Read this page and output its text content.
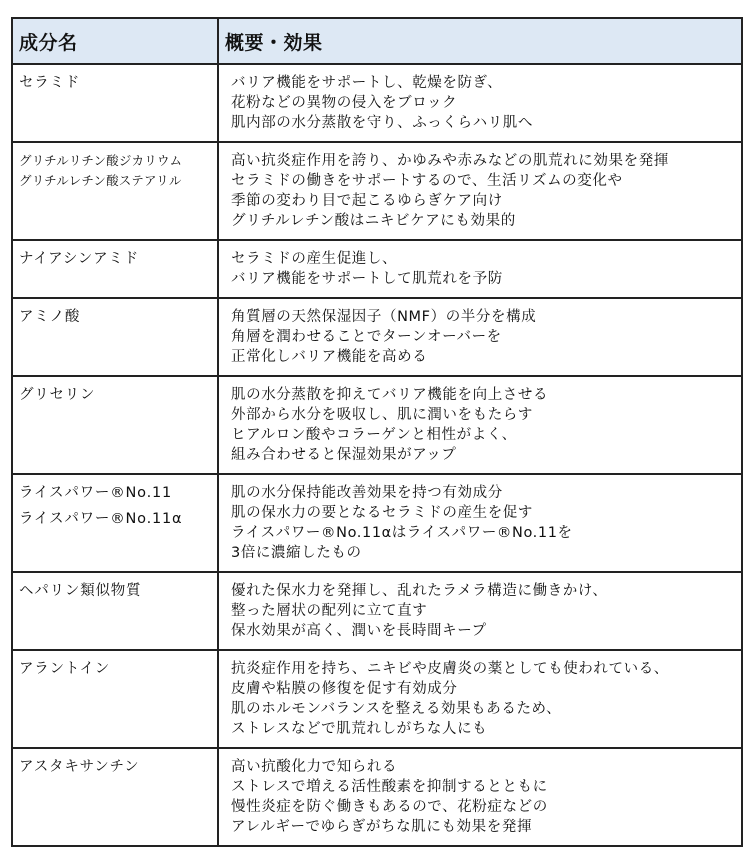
成分名	概要・効果

セラミド	バリア機能をサポートし、乾燥を防ぎ、
花粉などの異物の侵入をブロック
肌内部の水分蒸散を守り、ふっくらハリ肌へ

グリチルリチン酸ジカリウム
グリチルレチン酸ステアリル	高い抗炎症作用を誇り、かゆみや赤みなどの肌荒れに効果を発揮
セラミドの働きをサポートするので、生活リズムの変化や
季節の変わり目で起こるゆらぎケア向け
グリチルレチン酸はニキビケアにも効果的

ナイアシンアミド	セラミドの産生促進し、
バリア機能をサポートして肌荒れを予防

アミノ酸	角質層の天然保湿因子（NMF）の半分を構成
角層を潤わせることでターンオーバーを
正常化しバリア機能を高める

グリセリン	肌の水分蒸散を抑えてバリア機能を向上させる
外部から水分を吸収し、肌に潤いをもたらす
ヒアルロン酸やコラーゲンと相性がよく、
組み合わせると保湿効果がアップ

ライスパワー®No.11
ライスパワー®No.11α	肌の水分保持能改善効果を持つ有効成分
肌の保水力の要となるセラミドの産生を促す
ライスパワー®No.11αはライスパワー®No.11を
3倍に濃縮したもの

ヘパリン類似物質	優れた保水力を発揮し、乱れたラメラ構造に働きかけ、
整った層状の配列に立て直す
保水効果が高く、潤いを長時間キープ

アラントイン	抗炎症作用を持ち、ニキビや皮膚炎の薬としても使われている、
皮膚や粘膜の修復を促す有効成分
肌のホルモンバランスを整える効果もあるため、
ストレスなどで肌荒れしがちな人にも

アスタキサンチン	高い抗酸化力で知られる
ストレスで増える活性酸素を抑制するとともに
慢性炎症を防ぐ働きもあるので、花粉症などの
アレルギーでゆらぎがちな肌にも効果を発揮
